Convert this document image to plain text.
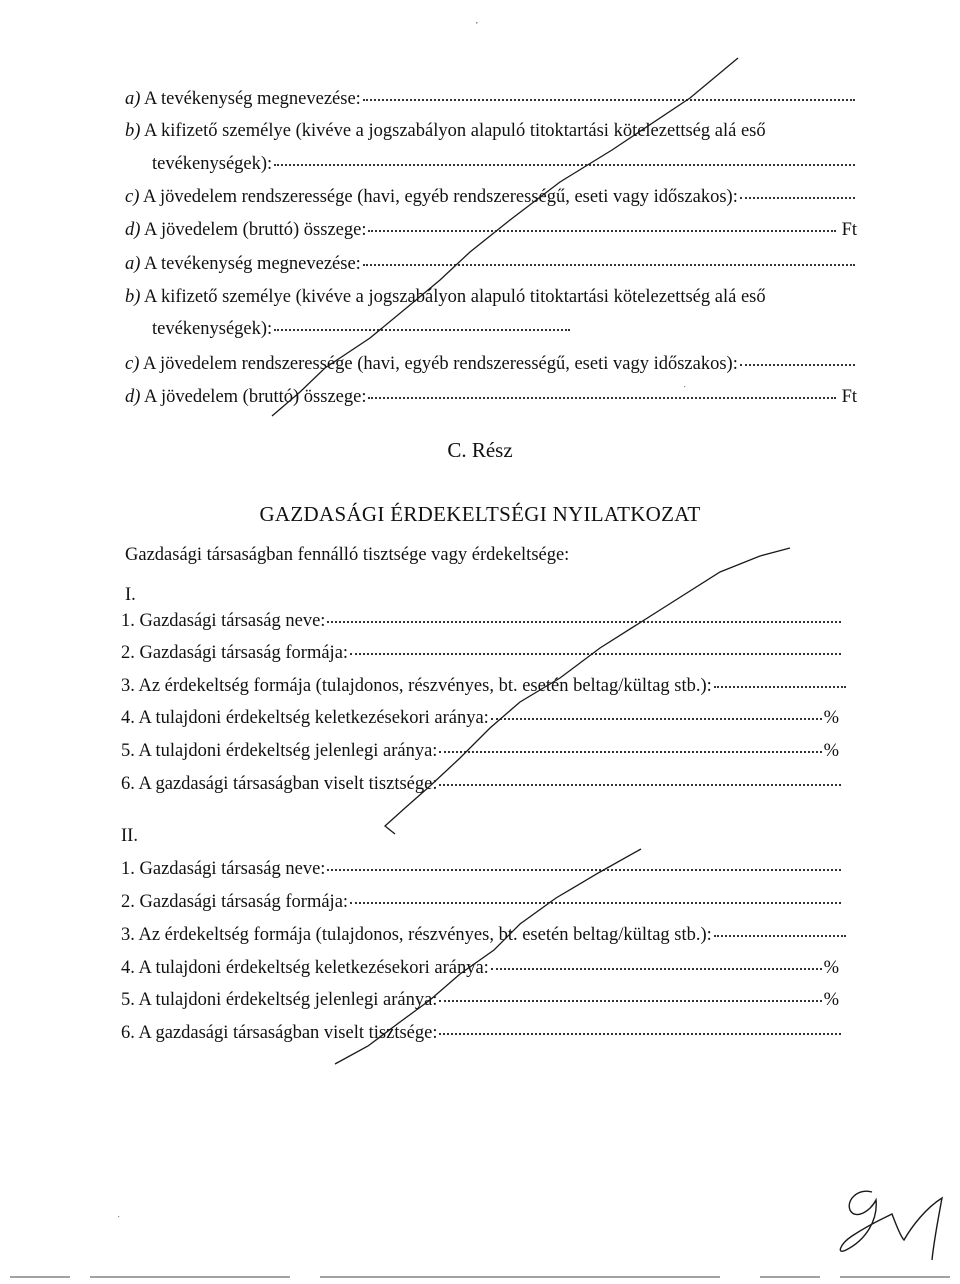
a) A tevékenység megnevezése:
b) A kifizető személye (kivéve a jogszabályon alapuló titoktartási kötelezettség alá eső
tevékenységek):
c) A jövedelem rendszeressége (havi, egyéb rendszerességű, eseti vagy időszakos):
d) A jövedelem (bruttó) összege:	Ft
a) A tevékenység megnevezése:
b) A kifizető személye (kivéve a jogszabályon alapuló titoktartási kötelezettség alá eső
tevékenységek):
c) A jövedelem rendszeressége (havi, egyéb rendszerességű, eseti vagy időszakos):
d) A jövedelem (bruttó) összege:	Ft
C. Rész
GAZDASÁGI ÉRDEKELTSÉGI NYILATKOZAT
Gazdasági társaságban fennálló tisztsége vagy érdekeltsége:
I.
1. Gazdasági társaság neve:
2. Gazdasági társaság formája:
3. Az érdekeltség formája (tulajdonos, részvényes, bt. esetén beltag/kültag stb.):
4. A tulajdoni érdekeltség keletkezésekori aránya:	%
5. A tulajdoni érdekeltség jelenlegi aránya:	%
6. A gazdasági társaságban viselt tisztsége:
II.
1. Gazdasági társaság neve:
2. Gazdasági társaság formája:
3. Az érdekeltség formája (tulajdonos, részvényes, bt. esetén beltag/kültag stb.):
4. A tulajdoni érdekeltség keletkezésekori aránya:	%
5. A tulajdoni érdekeltség jelenlegi aránya:	%
6. A gazdasági társaságban viselt tisztsége:
